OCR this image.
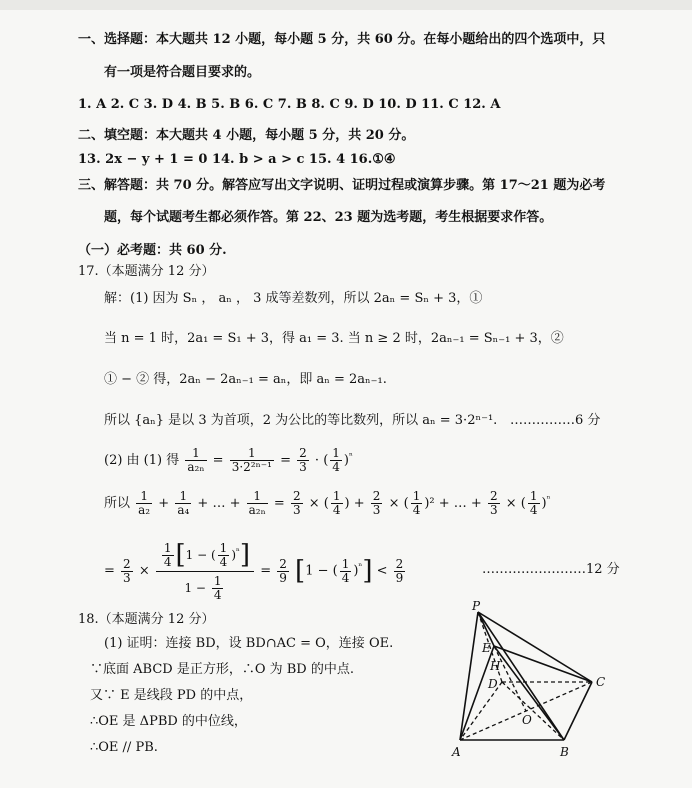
一、选择题：本大题共 12 小题，每小题 5 分，共 60 分。在每小题给出的四个选项中，只
有一项是符合题目要求的。
1. A 2. C 3. D 4. B 5. B 6. C 7. B 8. C 9. D 10. D 11. C 12. A
二、填空题：本大题共 4 小题，每小题 5 分，共 20 分。
13. 2x − y + 1 = 0 14. b > a > c 15. 4 16.①④
三、解答题：共 70 分。解答应写出文字说明、证明过程或演算步骤。第 17～21 题为必考
题，每个试题考生都必须作答。第 22、23 题为选考题，考生根据要求作答。
（一）必考题：共 60 分.
17.（本题满分 12 分）
解：(1) 因为 Sₙ ， aₙ ， 3 成等差数列，所以 2aₙ = Sₙ + 3，①
当 n = 1 时，2a₁ = S₁ + 3，得 a₁ = 3. 当 n ≥ 2 时，2aₙ₋₁ = Sₙ₋₁ + 3，②
① − ② 得，2aₙ − 2aₙ₋₁ = aₙ，即 aₙ = 2aₙ₋₁.
所以 {aₙ} 是以 3 为首项，2 为公比的等比数列，所以 aₙ = 3·2ⁿ⁻¹. ……………6 分
(2) 由 (1) 得 $\frac{1}{\text{a₂ₙ}} = \frac{1}{\text{3·2²ⁿ⁻¹}} = \frac{2}{3}$ · ( $\frac{1}{4} )^{^n}$
所以 $\frac{1}{\text{a₂}} + \frac{1}{\text{a₄}}$ + … + $\frac{1}{\text{a₂ₙ}} = \frac{2}{3}$ × ( $\frac{1}{4}$ ) + $\frac{2}{3}$ × ( $\frac{1}{4} )^2$ + … + $\frac{2}{3}$ × ( $\frac{1}{4} )^{^n}$
= $\frac{2}{3} \times \frac{\frac{1}{4} [1 - ( \frac{1}{4} )^{^n}]}{1 - \frac{1}{4}} = \frac{2}{9} [1$ − ( $\frac{1}{4} )^{^n}] < \frac{2}{9}$	……………………12 分
18.（本题满分 12 分）
(1) 证明：连接 BD，设 BD∩AC = O，连接 OE.
∵底面 ABCD 是正方形，∴O 为 BD 的中点.
又∵ E 是线段 PD 的中点，
∴OE 是 ΔPBD 的中位线，
∴OE // PB.
P
E
D
O
A	B
C
H
